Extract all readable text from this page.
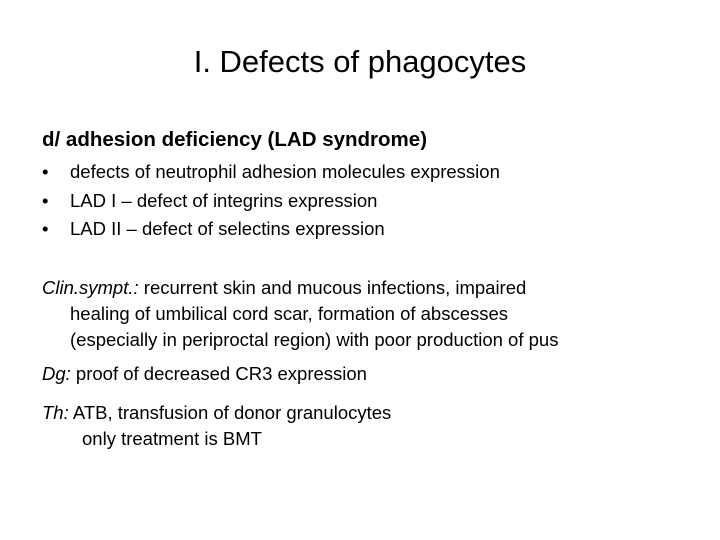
I. Defects of phagocytes
d/ adhesion deficiency (LAD syndrome)
•	defects of neutrophil adhesion molecules expression
•	LAD I – defect of integrins expression
•	LAD II – defect of selectins expression
Clin.sympt.: recurrent skin and mucous infections, impaired
healing of umbilical cord scar, formation of abscesses
(especially in periproctal region) with poor production of pus
Dg: proof of decreased CR3 expression
Th: ATB, transfusion of donor granulocytes
only treatment is BMT
